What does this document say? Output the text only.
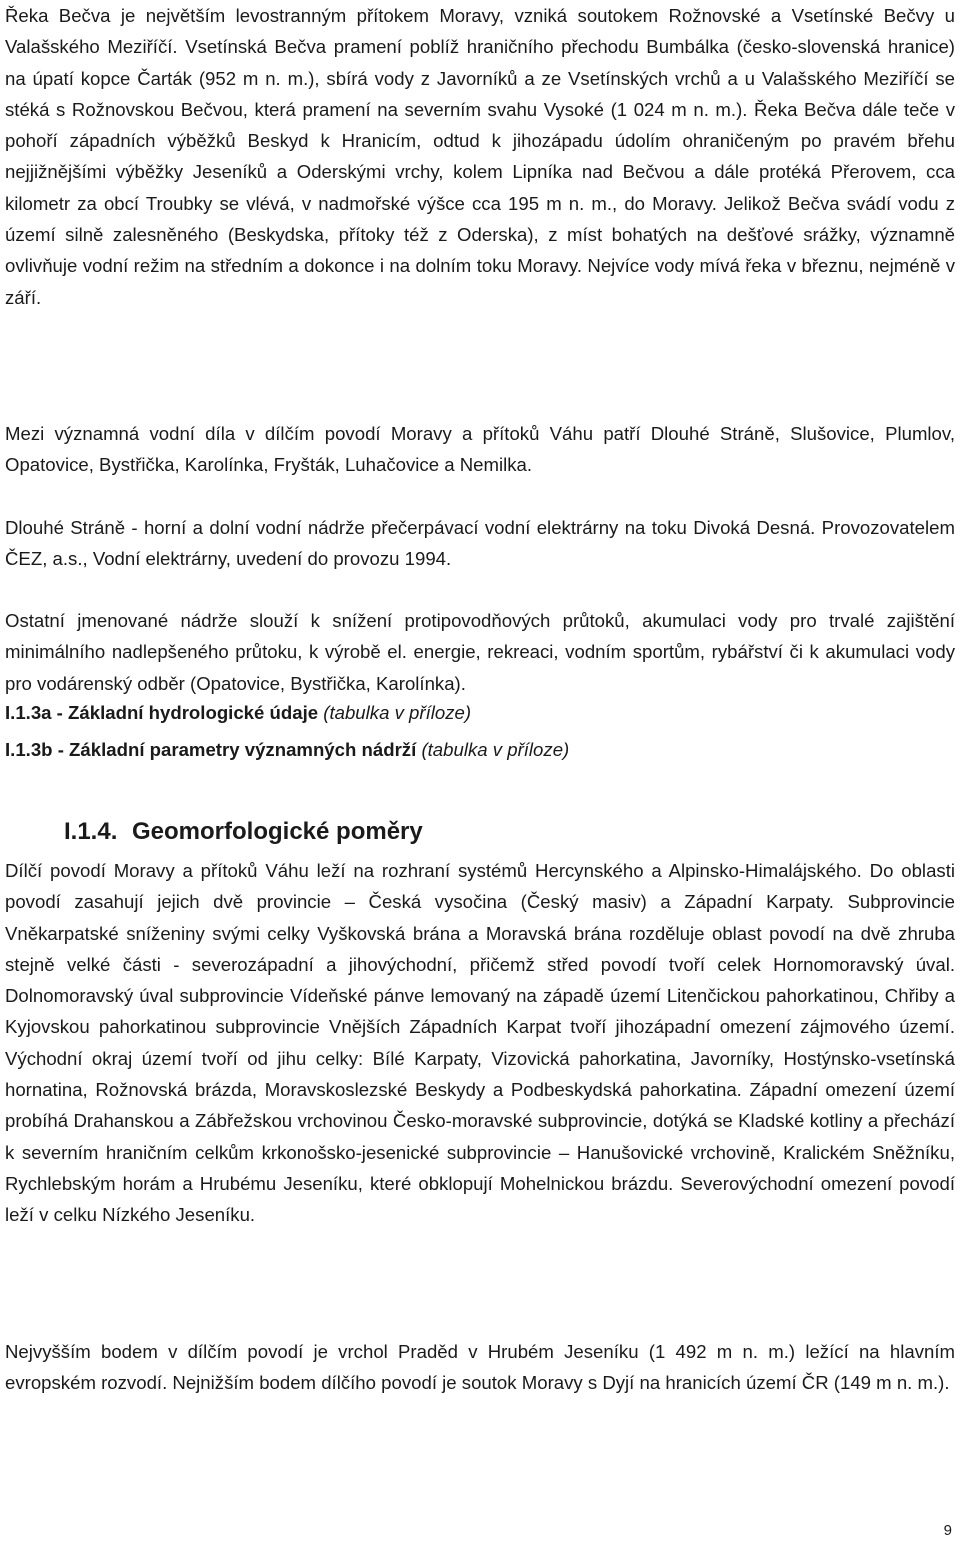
Řeka Bečva je největším levostranným přítokem Moravy, vzniká soutokem Rožnovské a Vsetínské Bečvy u Valašského Meziříčí. Vsetínská Bečva pramení poblíž hraničního přechodu Bumbálka (česko-slovenská hranice) na úpatí kopce Čarták (952 m n. m.), sbírá vody z Javorníků a ze Vsetínských vrchů a u Valašského Meziříčí se stéká s Rožnovskou Bečvou, která pramení na severním svahu Vysoké (1 024 m n. m.). Řeka Bečva dále teče v pohoří západních výběžků Beskyd k Hranicím, odtud k jihozápadu údolím ohraničeným po pravém břehu nejjižnějšími výběžky Jeseníků a Oderskými vrchy, kolem Lipníka nad Bečvou a dále protéká Přerovem, cca kilometr za obcí Troubky se vlévá, v nadmořské výšce cca 195 m n. m., do Moravy. Jelikož Bečva svádí vodu z území silně zalesněného (Beskydska, přítoky též z Oderska), z míst bohatých na dešťové srážky, významně ovlivňuje vodní režim na středním a dokonce i na dolním toku Moravy. Nejvíce vody mívá řeka v březnu, nejméně v září.

Mezi významná vodní díla v dílčím povodí Moravy a přítoků Váhu patří Dlouhé Stráně, Slušovice, Plumlov, Opatovice, Bystřička, Karolínka, Fryšták, Luhačovice a Nemilka.

Dlouhé Stráně - horní a dolní vodní nádrže přečerpávací vodní elektrárny na toku Divoká Desná. Provozovatelem ČEZ, a.s., Vodní elektrárny, uvedení do provozu 1994.

Ostatní jmenované nádrže slouží k snížení protipovodňových průtoků, akumulaci vody pro trvalé zajištění minimálního nadlepšeného průtoku, k výrobě el. energie, rekreaci, vodním sportům, rybářství či k akumulaci vody pro vodárenský odběr (Opatovice, Bystřička, Karolínka).

I.1.3a - Základní hydrologické údaje (tabulka v příloze)

I.1.3b - Základní parametry významných nádrží (tabulka v příloze)

I.1.4. Geomorfologické poměry

Dílčí povodí Moravy a přítoků Váhu leží na rozhraní systémů Hercynského a Alpinsko-Himalájského. Do oblasti povodí zasahují jejich dvě provincie – Česká vysočina (Český masiv) a Západní Karpaty. Subprovincie Vněkarpatské sníženiny svými celky Vyškovská brána a Moravská brána rozděluje oblast povodí na dvě zhruba stejně velké části - severozápadní a jihovýchodní, přičemž střed povodí tvoří celek Hornomoravský úval. Dolnomoravský úval subprovincie Vídeňské pánve lemovaný na západě území Litenčickou pahorkatinou, Chřiby a Kyjovskou pahorkatinou subprovincie Vnějších Západních Karpat tvoří jihozápadní omezení zájmového území. Východní okraj území tvoří od jihu celky: Bílé Karpaty, Vizovická pahorkatina, Javorníky, Hostýnsko-vsetínská hornatina, Rožnovská brázda, Moravskoslezské Beskydy a Podbeskydská pahorkatina. Západní omezení území probíhá Drahanskou a Zábřežskou vrchovinou Česko-moravské subprovincie, dotýká se Kladské kotliny a přechází k severním hraničním celkům krkonošsko-jesenické subprovincie – Hanušovické vrchovině, Kralickém Sněžníku, Rychlebským horám a Hrubému Jeseníku, které obklopují Mohelnickou brázdu. Severovýchodní omezení povodí leží v celku Nízkého Jeseníku.

Nejvyšším bodem v dílčím povodí je vrchol Praděd v Hrubém Jeseníku (1 492 m n. m.) ležící na hlavním evropském rozvodí. Nejnižším bodem dílčího povodí je soutok Moravy s Dyjí na hranicích území ČR (149 m n. m.).

9
